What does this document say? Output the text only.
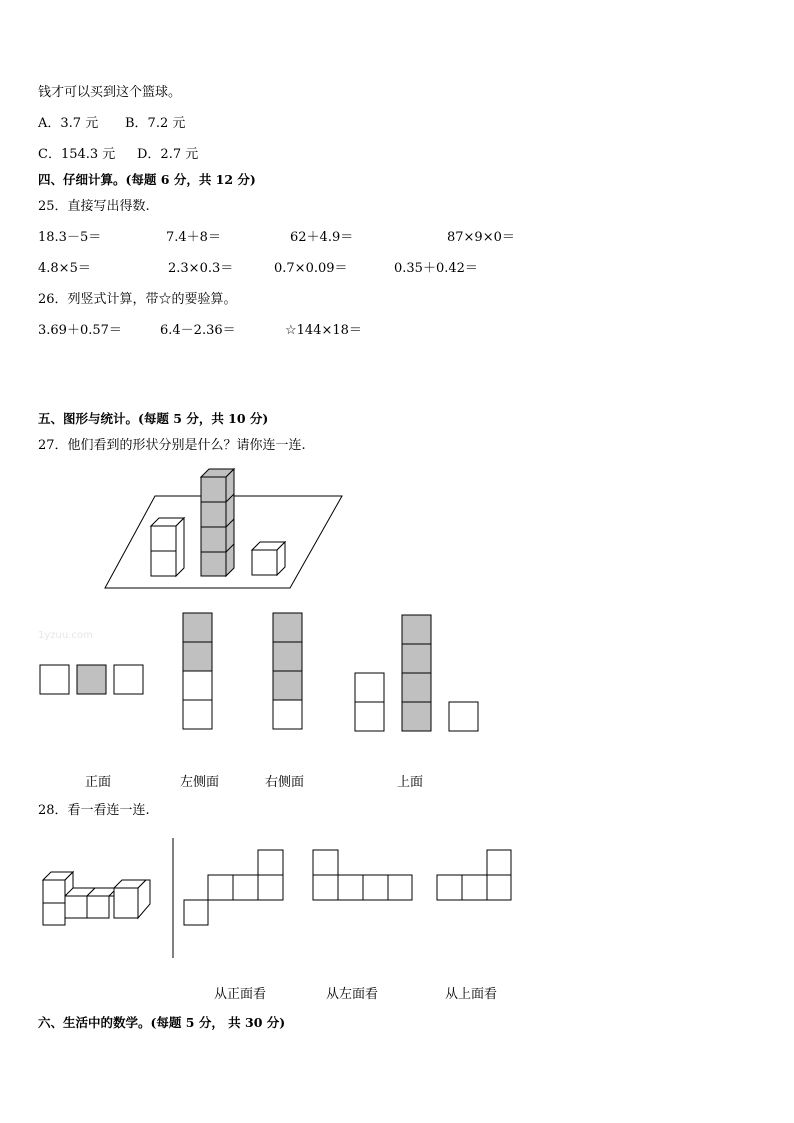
钱才可以买到这个篮球。
A．3.7 元 B．7.2 元
C．154.3 元 D．2.7 元
四、仔细计算。(每题 6 分，共 12 分)
25．直接写出得数.
18.3－5＝	7.4＋8＝	62＋4.9＝	87×9×0＝
4.8×5＝	2.3×0.3＝	0.7×0.09＝	0.35＋0.42＝
26．列竖式计算，带☆的要验算。
3.69＋0.57＝	6.4－2.36＝	☆144×18＝
五、图形与统计。(每题 5 分，共 10 分)
27．他们看到的形状分别是什么？请你连一连.
1yzuu.com
正面	左侧面	右侧面	上面
28．看一看连一连.
从正面看	从左面看	从上面看
六、生活中的数学。(每题 5 分， 共 30 分)
